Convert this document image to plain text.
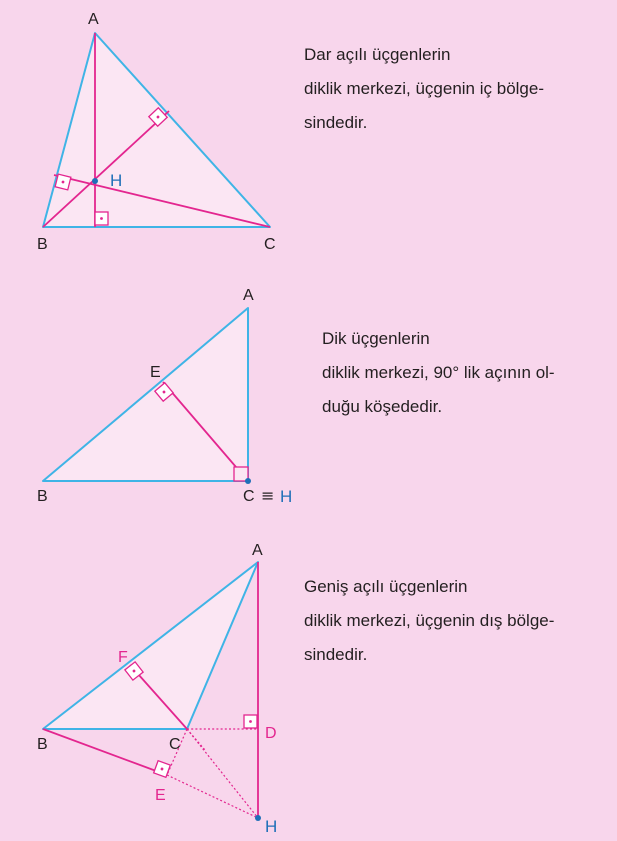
A
B	C
H
A
B	C ≡ H
E
A
B	C
F
D
E
H
Dar açılı üçgenlerin
diklik merkezi, üçgenin iç bölge-
sindedir.
Dik üçgenlerin
diklik merkezi, 90° lik açının ol-
duğu köşededir.
Geniş açılı üçgenlerin
diklik merkezi, üçgenin dış bölge-
sindedir.
